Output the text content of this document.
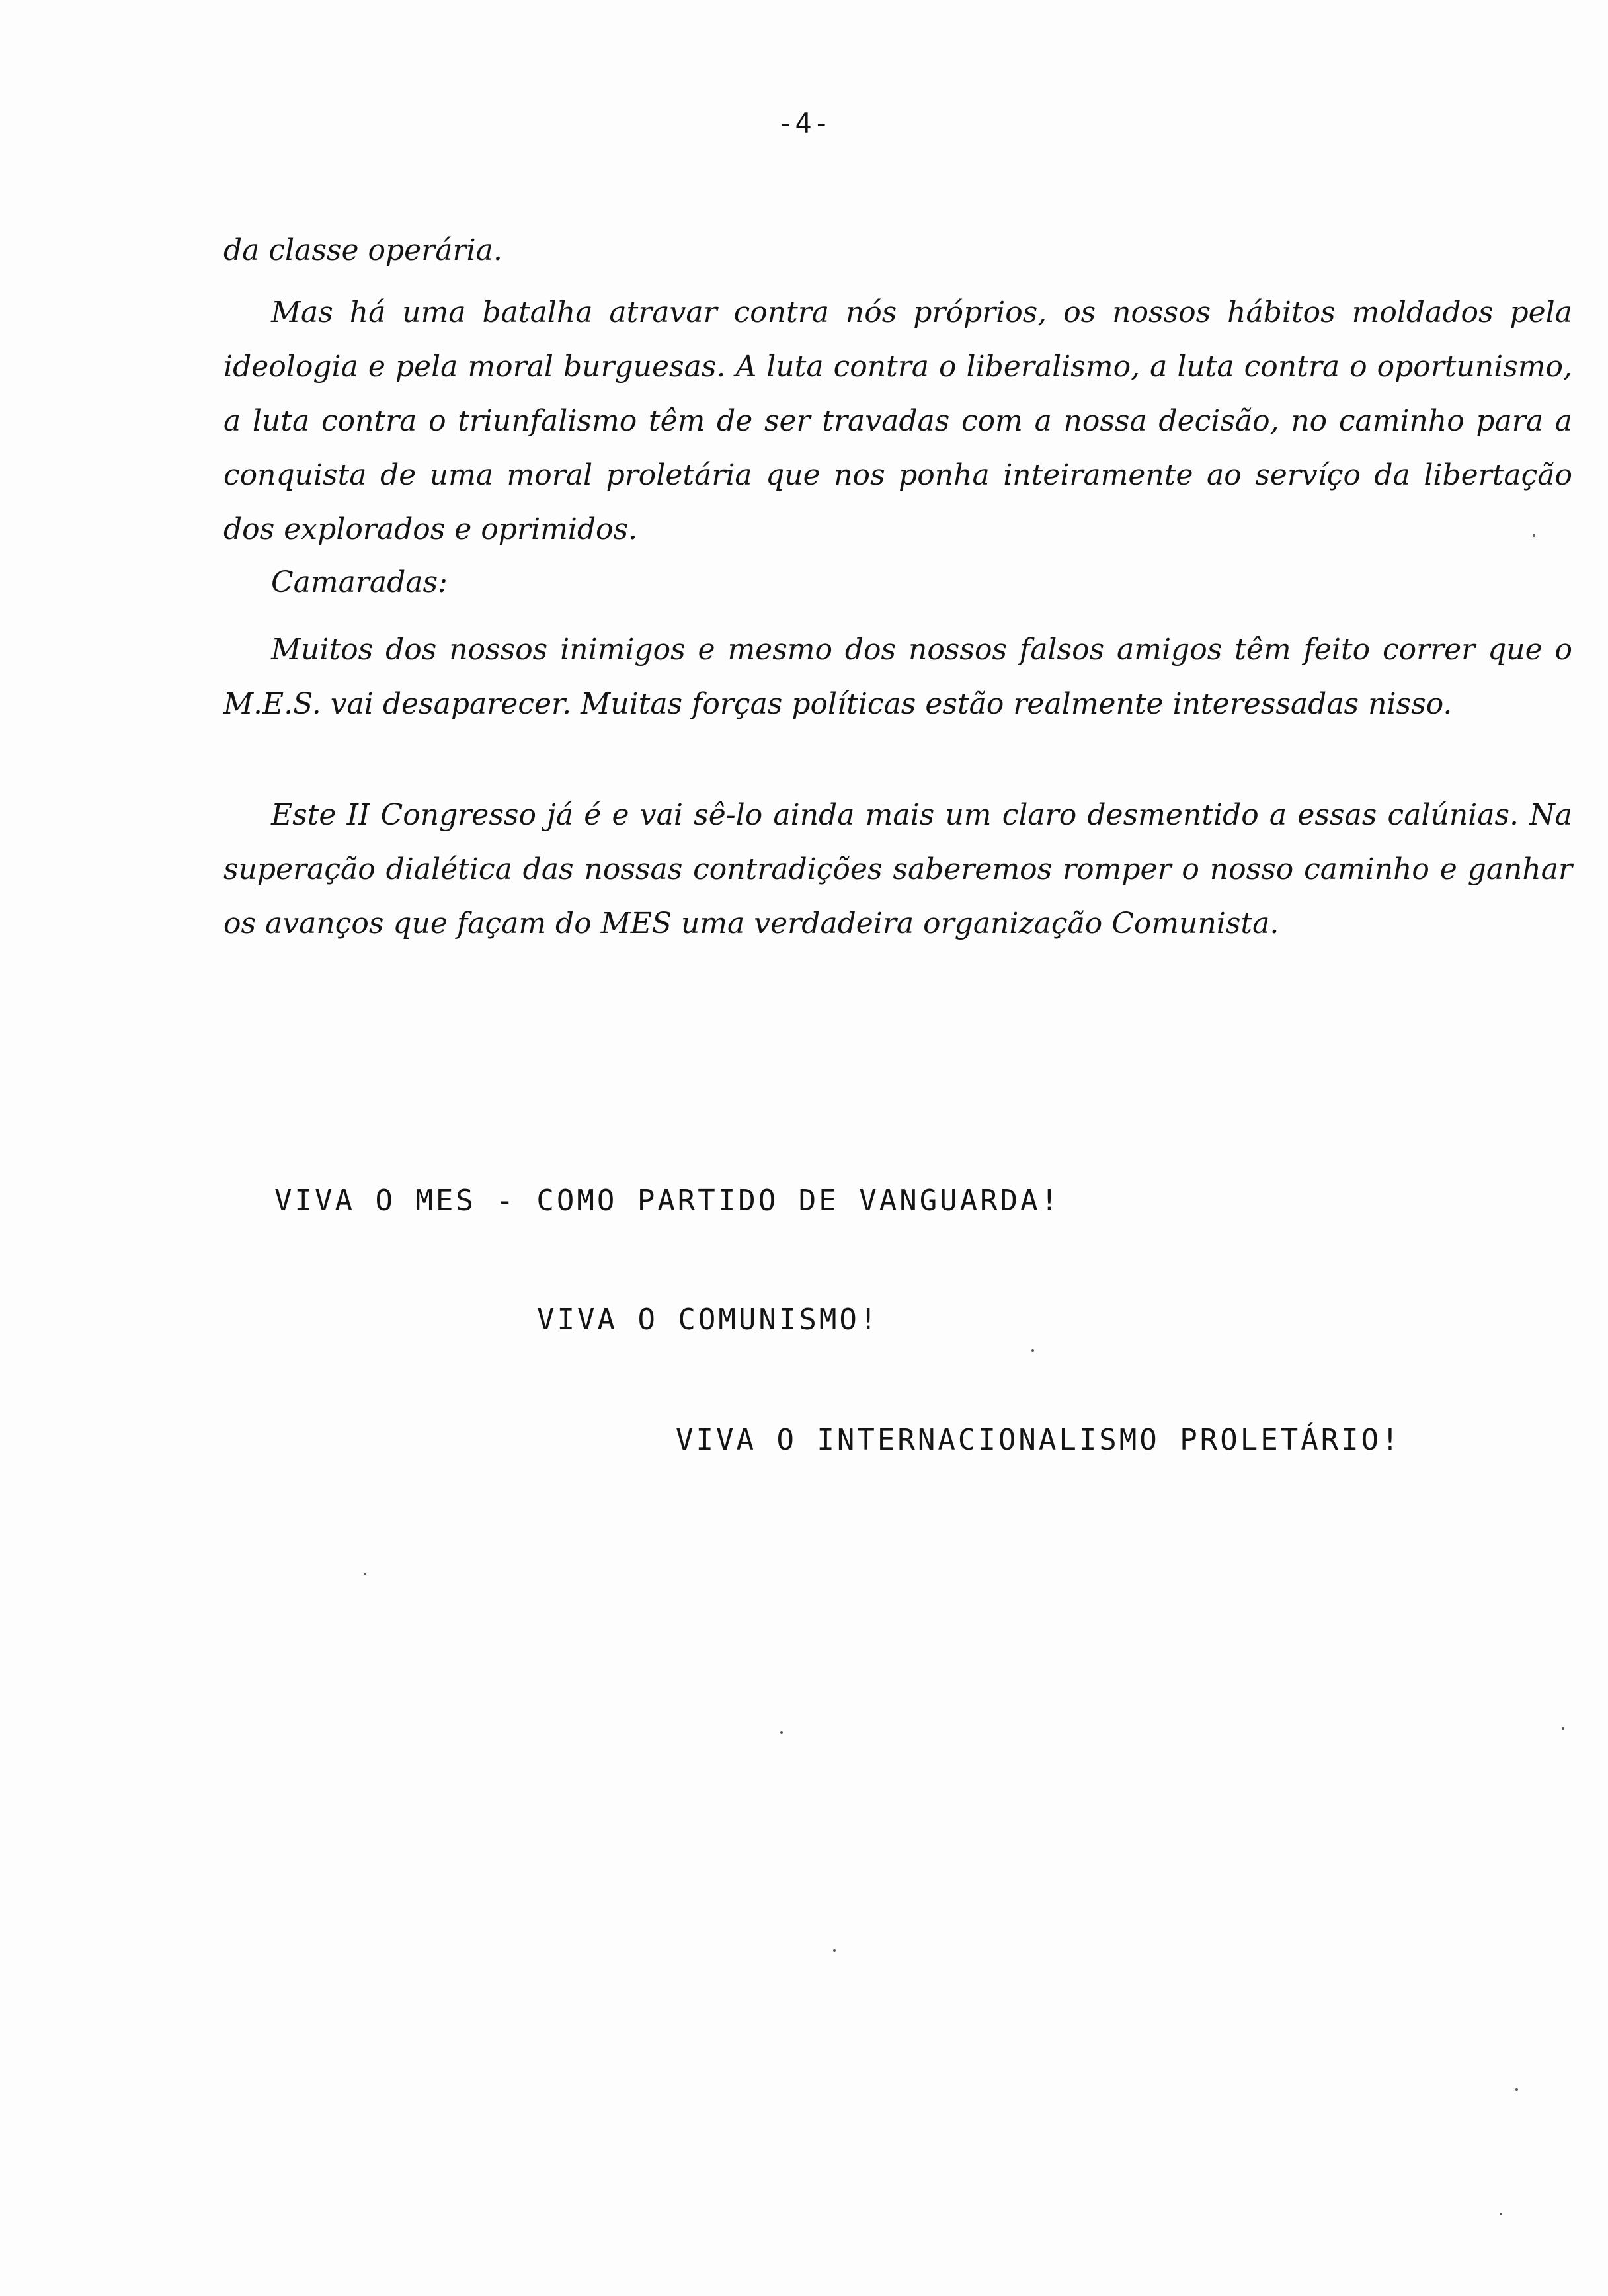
-4-

da classe operária.

Mas há uma batalha atravar contra nós próprios, os nossos hábitos moldados pela ideologia e pela moral burguesas. A luta contra o liberalismo, a luta contra o oportunismo, a luta contra o triunfalismo têm de ser travadas com a nossa decisão, no caminho para a conquista de uma moral proletária que nos ponha inteiramente ao servíço da libertação dos explorados e oprimidos.

Camaradas:

Muitos dos nossos inimigos e mesmo dos nossos falsos amigos têm feito correr que o M.E.S. vai desaparecer. Muitas forças políticas estão realmente interessadas nisso.

Este II Congresso já é e vai sê-lo ainda mais um claro desmentido a essas calúnias. Na superação dialética das nossas contradições saberemos romper o nosso caminho e ganhar os avanços que façam do MES uma verdadeira organização Comunista.

VIVA O MES - COMO PARTIDO DE VANGUARDA!

VIVA O COMUNISMO!

VIVA O INTERNACIONALISMO PROLETÁRIO!
